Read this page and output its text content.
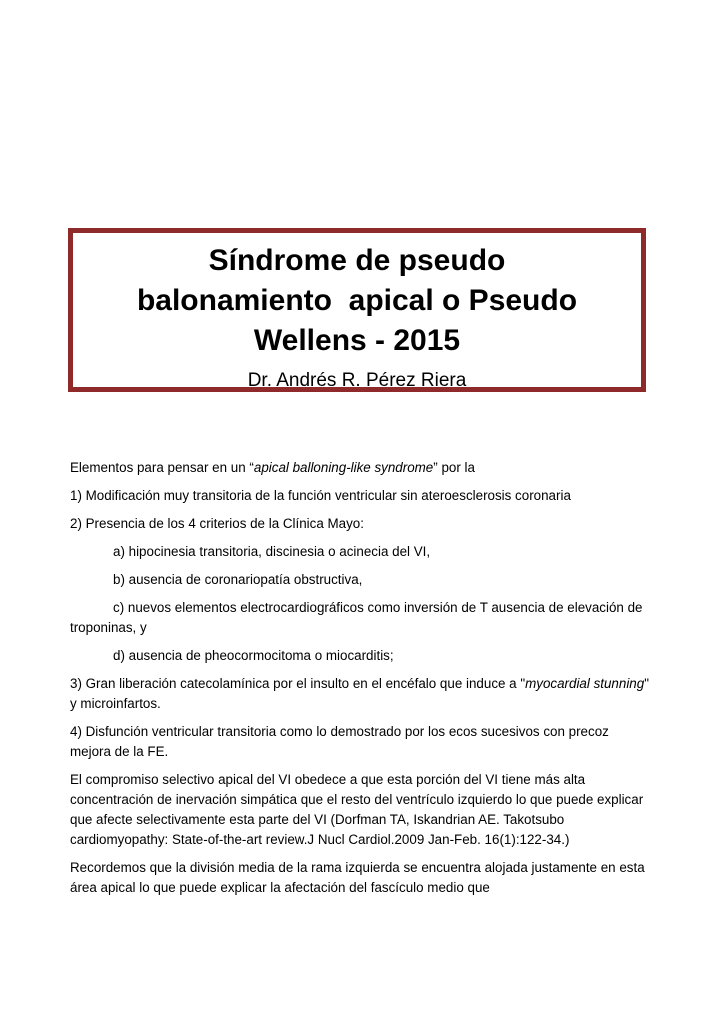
Síndrome de pseudo
balonamiento  apical o Pseudo
Wellens - 2015
Dr. Andrés R. Pérez Riera

Elementos para pensar en un “apical balloning-like syndrome” por la

1) Modificación muy transitoria de la función ventricular sin ateroesclerosis coronaria

2) Presencia de los 4 criterios de la Clínica Mayo:

a) hipocinesia transitoria, discinesia o acinecia del VI,

b) ausencia de coronariopatía obstructiva,

c) nuevos elementos electrocardiográficos como inversión de T ausencia de elevación de troponinas, y

d) ausencia de pheocormocitoma o miocarditis;

3) Gran liberación catecolamínica por el insulto en el encéfalo que induce a "myocardial stunning" y microinfartos.

4) Disfunción ventricular transitoria como lo demostrado por los ecos sucesivos con precoz mejora de la FE.

El compromiso selectivo apical del VI obedece a que esta porción del VI tiene más alta concentración de inervación simpática que el resto del ventrículo izquierdo lo que puede explicar que afecte selectivamente esta parte del VI (Dorfman TA, Iskandrian AE. Takotsubo cardiomyopathy: State-of-the-art review.J Nucl Cardiol.2009 Jan-Feb. 16(1):122-34.)

Recordemos que la división media de la rama izquierda se encuentra alojada justamente en esta área apical lo que puede explicar la afectación del fascículo medio que
